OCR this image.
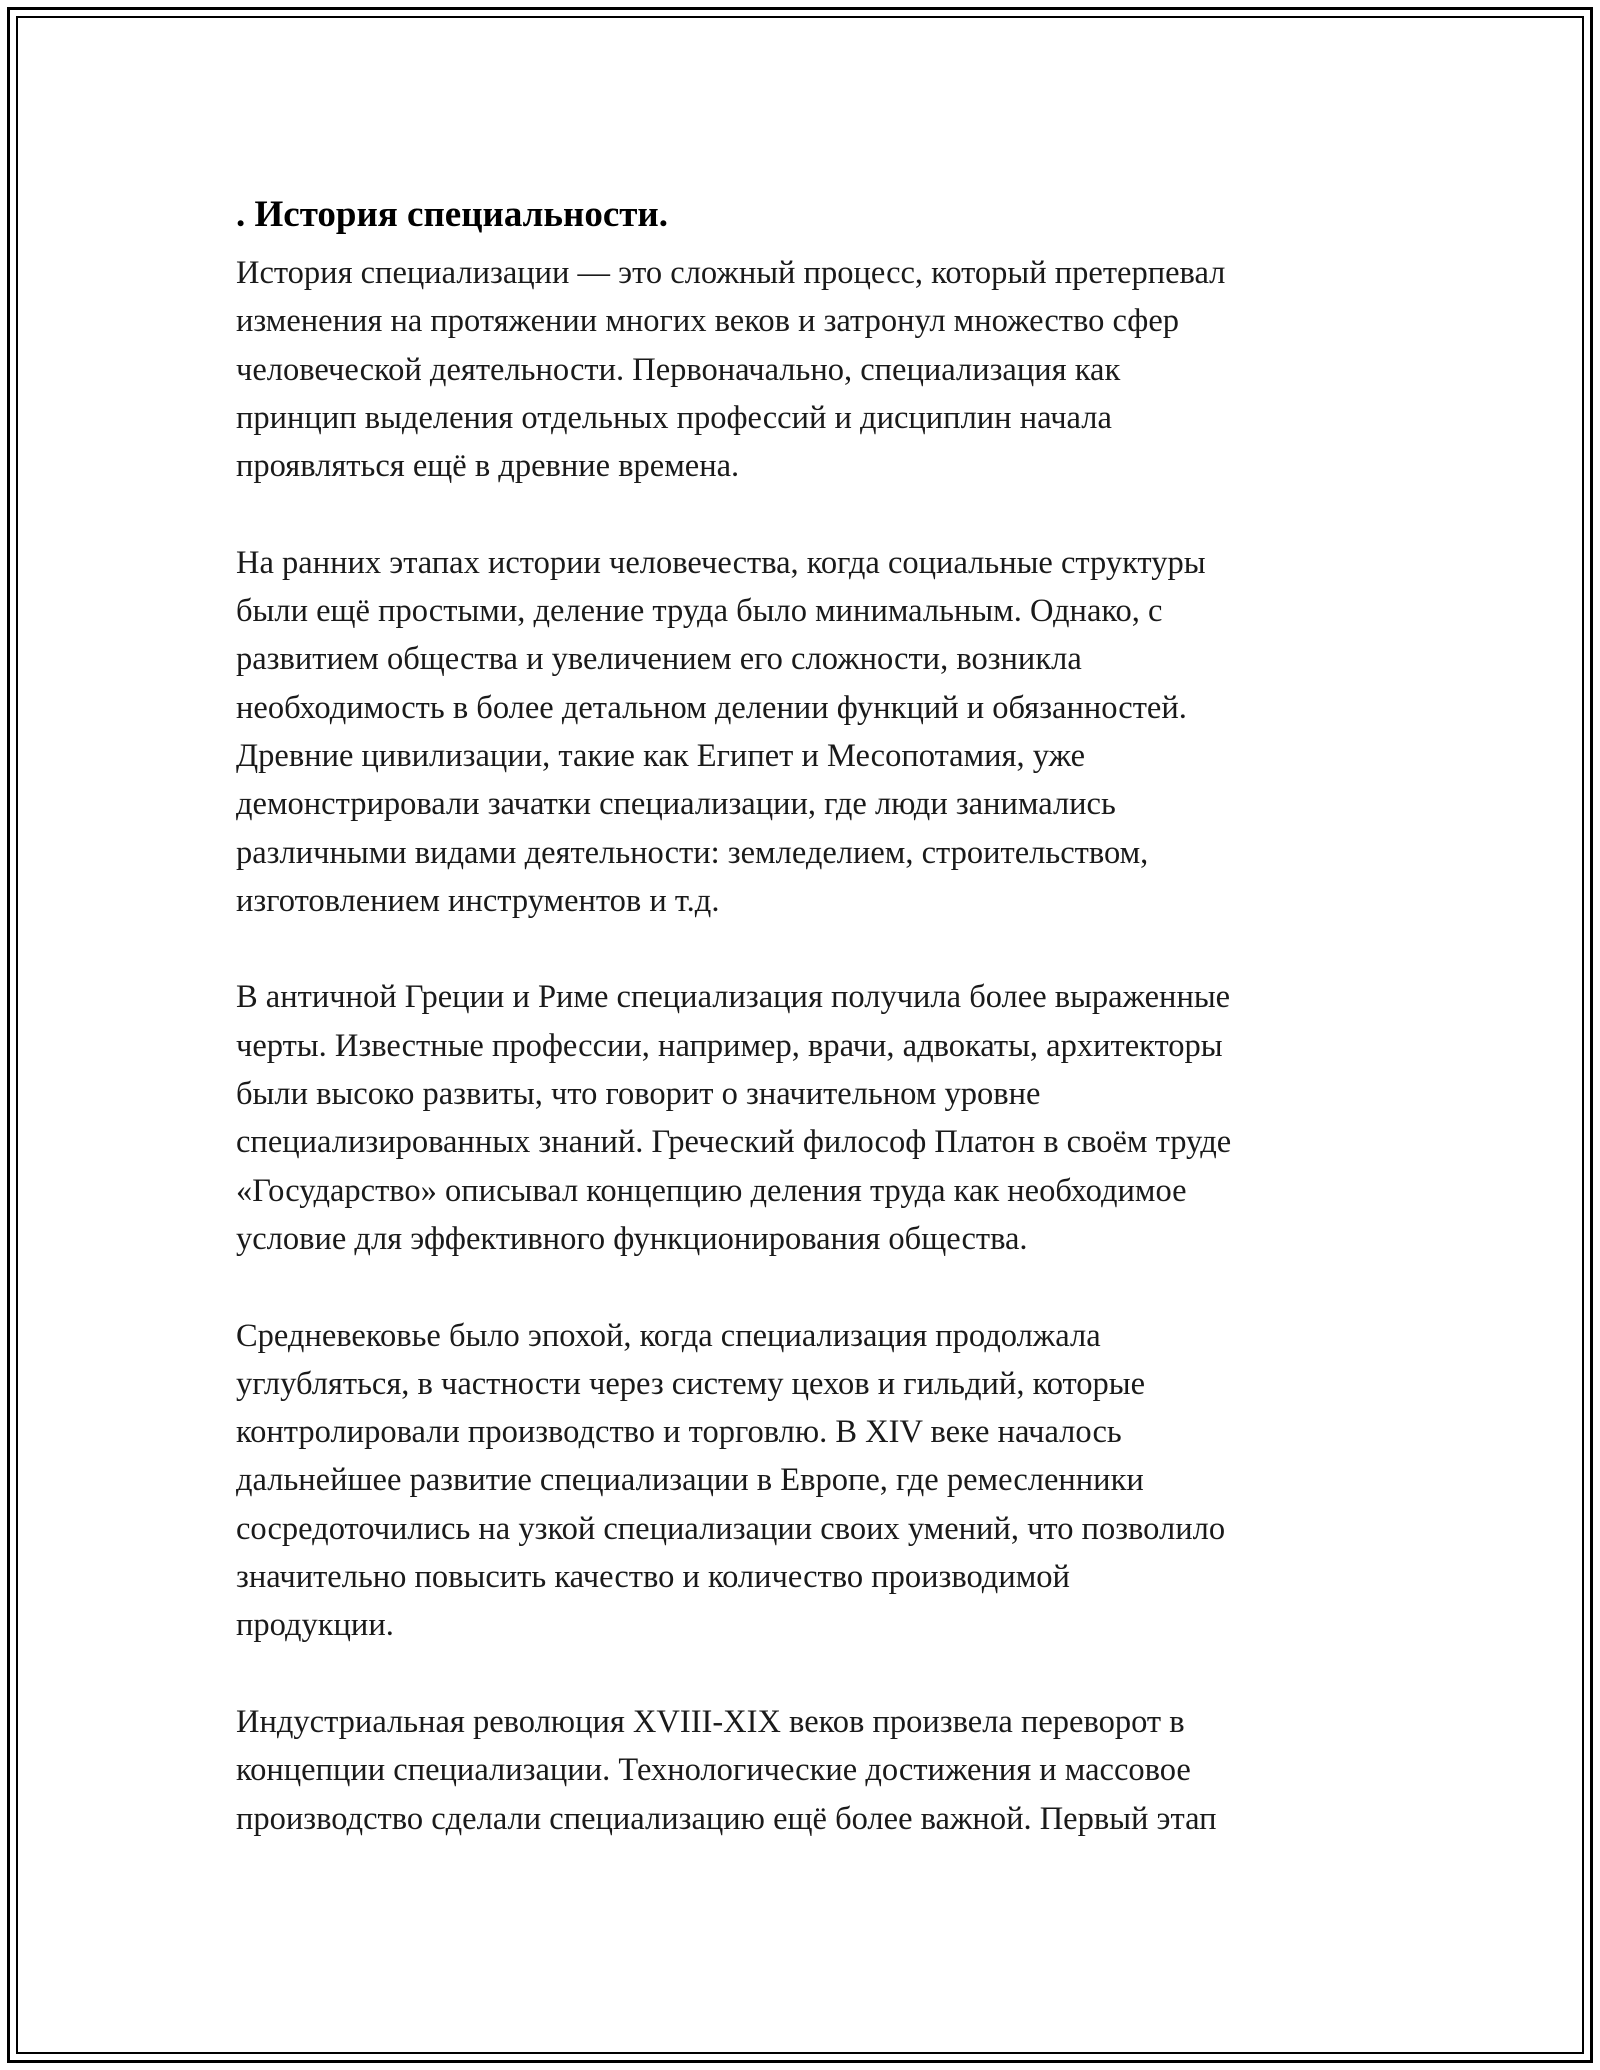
. История специальности.

История специализации — это сложный процесс, который претерпевал
изменения на протяжении многих веков и затронул множество сфер
человеческой деятельности. Первоначально, специализация как
принцип выделения отдельных профессий и дисциплин начала
проявляться ещё в древние времена.

На ранних этапах истории человечества, когда социальные структуры
были ещё простыми, деление труда было минимальным. Однако, с
развитием общества и увеличением его сложности, возникла
необходимость в более детальном делении функций и обязанностей.
Древние цивилизации, такие как Египет и Месопотамия, уже
демонстрировали зачатки специализации, где люди занимались
различными видами деятельности: земледелием, строительством,
изготовлением инструментов и т.д.

В античной Греции и Риме специализация получила более выраженные
черты. Известные профессии, например, врачи, адвокаты, архитекторы
были высоко развиты, что говорит о значительном уровне
специализированных знаний. Греческий философ Платон в своём труде
«Государство» описывал концепцию деления труда как необходимое
условие для эффективного функционирования общества.

Средневековье было эпохой, когда специализация продолжала
углубляться, в частности через систему цехов и гильдий, которые
контролировали производство и торговлю. В XIV веке началось
дальнейшее развитие специализации в Европе, где ремесленники
сосредоточились на узкой специализации своих умений, что позволило
значительно повысить качество и количество производимой
продукции.

Индустриальная революция XVIII-XIX веков произвела переворот в
концепции специализации. Технологические достижения и массовое
производство сделали специализацию ещё более важной. Первый этап
